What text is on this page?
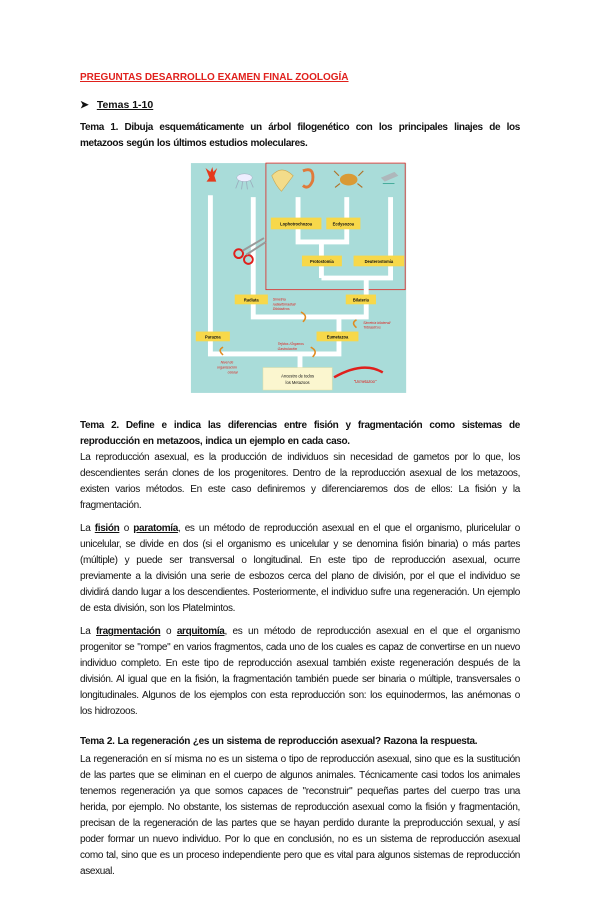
PREGUNTAS DESARROLLO EXAMEN FINAL ZOOLOGÍA
➤ Temas 1-10
Tema 1. Dibuja esquemáticamente un árbol filogenético con los principales linajes de los metazoos según los últimos estudios moleculares.
Lophotrochozoa	Ecdysozoa
Protostomia	Deuterostomia
Radiata	Bilateria
Parazoa	Eumetazoa
Ancestro de todos
los Metazoos
Simetría
radial/birradial/
Diblásticos
Simetría bilateral/
Triblásticos
Tejidos /Órganos
Gastrulación
Nivel de
organización
celular
"Urmetazoo"

Tema 2. Define e indica las diferencias entre fisión y fragmentación como sistemas de reproducción en metazoos, indica un ejemplo en cada caso.

La reproducción asexual, es la producción de individuos sin necesidad de gametos por lo que, los descendientes serán clones de los progenitores. Dentro de la reproducción asexual de los metazoos, existen varios métodos. En este caso definiremos y diferenciaremos dos de ellos: La fisión y la fragmentación.

La fisión o paratomía, es un método de reproducción asexual en el que el organismo, pluricelular o unicelular, se divide en dos (si el organismo es unicelular y se denomina fisión binaria) o más partes (múltiple) y puede ser transversal o longitudinal. En este tipo de reproducción asexual, ocurre previamente a la división una serie de esbozos cerca del plano de división, por el que el individuo se dividirá dando lugar a los descendientes. Posteriormente, el individuo sufre una regeneración. Un ejemplo de esta división, son los Platelmintos.

La fragmentación o arquitomía, es un método de reproducción asexual en el que el organismo progenitor se "rompe" en varios fragmentos, cada uno de los cuales es capaz de convertirse en un nuevo individuo completo. En este tipo de reproducción asexual también existe regeneración después de la división. Al igual que en la fisión, la fragmentación también puede ser binaria o múltiple, transversales o longitudinales. Algunos de los ejemplos con esta reproducción son: los equinodermos, las anémonas o los hidrozoos.

Tema 2. La regeneración ¿es un sistema de reproducción asexual? Razona la respuesta.

La regeneración en sí misma no es un sistema o tipo de reproducción asexual, sino que es la sustitución de las partes que se eliminan en el cuerpo de algunos animales. Técnicamente casi todos los animales tenemos regeneración ya que somos capaces de "reconstruir" pequeñas partes del cuerpo tras una herida, por ejemplo. No obstante, los sistemas de reproducción asexual como la fisión y fragmentación, precisan de la regeneración de las partes que se hayan perdido durante la preproducción sexual, y así poder formar un nuevo individuo. Por lo que en conclusión, no es un sistema de reproducción asexual como tal, sino que es un proceso independiente pero que es vital para algunos sistemas de reproducción asexual.
